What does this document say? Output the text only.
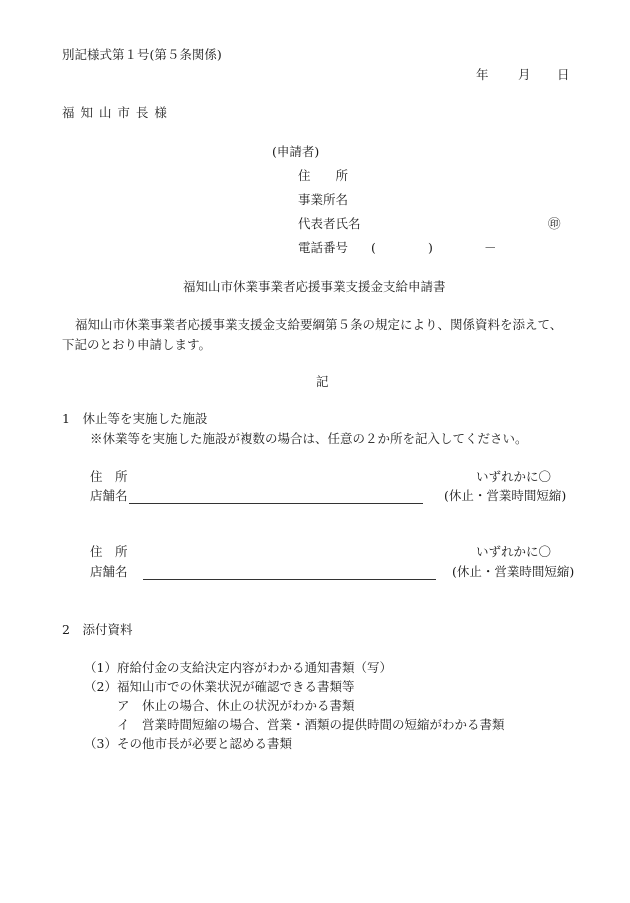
別記様式第１号(第５条関係)
年 月 日
福 知 山 市 長 様
(申請者)
住　　所
事業所名
代表者氏名	㊞
電話番号 (	)	－
福知山市休業事業者応援事業支援金支給申請書
福知山市休業事業者応援事業支援金支給要綱第５条の規定により、関係資料を添えて、
下記のとおり申請します。
記
1　休止等を実施した施設
※休業等を実施した施設が複数の場合は、任意の２か所を記入してください。
住　所	いずれかに〇
店舗名	(休止・営業時間短縮)
住　所	いずれかに〇
店舗名	(休止・営業時間短縮)
2　添付資料
（1）府給付金の支給決定内容がわかる通知書類（写）
（2）福知山市での休業状況が確認できる書類等
ア　休止の場合、休止の状況がわかる書類
イ　営業時間短縮の場合、営業・酒類の提供時間の短縮がわかる書類
（3）その他市長が必要と認める書類
